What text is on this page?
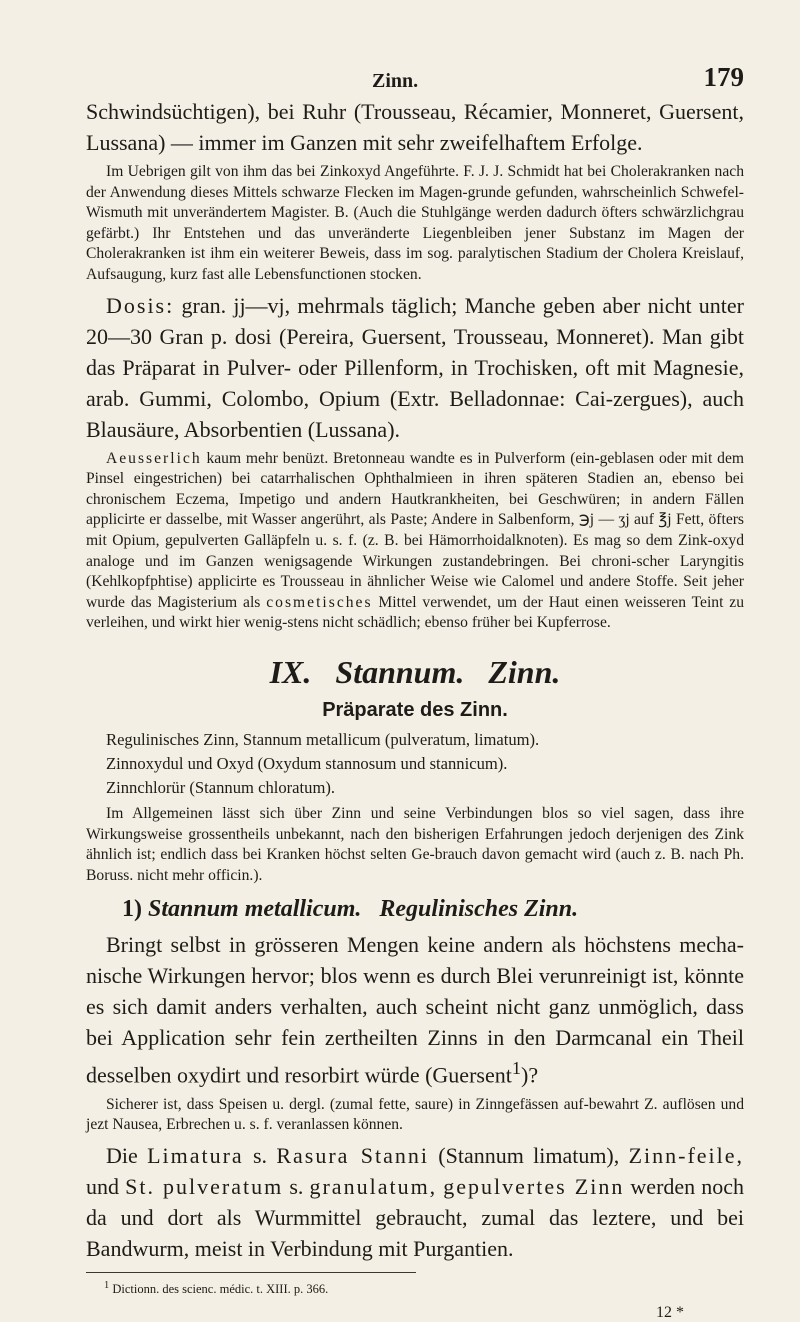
Zinn.	179

Schwindsüchtigen), bei Ruhr (Trousseau, Récamier, Monneret, Guersent, Lussana) — immer im Ganzen mit sehr zweifelhaftem Erfolge.

Im Uebrigen gilt von ihm das bei Zinkoxyd Angeführte. F. J. J. Schmidt hat bei Cholerakranken nach der Anwendung dieses Mittels schwarze Flecken im Magen-grunde gefunden, wahrscheinlich Schwefel-Wismuth mit unverändertem Magister. B. (Auch die Stuhlgänge werden dadurch öfters schwärzlichgrau gefärbt.) Ihr Entstehen und das unveränderte Liegenbleiben jener Substanz im Magen der Cholerakranken ist ihm ein weiterer Beweis, dass im sog. paralytischen Stadium der Cholera Kreislauf, Aufsaugung, kurz fast alle Lebensfunctionen stocken.

Dosis: gran. jj—vj, mehrmals täglich; Manche geben aber nicht unter 20—30 Gran p. dosi (Pereira, Guersent, Trousseau, Monneret). Man gibt das Präparat in Pulver- oder Pillenform, in Trochisken, oft mit Magnesie, arab. Gummi, Colombo, Opium (Extr. Belladonnae: Cai-zergues), auch Blausäure, Absorbentien (Lussana).

Aeusserlich kaum mehr benüzt. Bretonneau wandte es in Pulverform (ein-geblasen oder mit dem Pinsel eingestrichen) bei catarrhalischen Ophthalmieen in ihren späteren Stadien an, ebenso bei chronischem Eczema, Impetigo und andern Hautkrankheiten, bei Geschwüren; in andern Fällen applicirte er dasselbe, mit Wasser angerührt, als Paste; Andere in Salbenform, ℈j — ʒj auf ℥j Fett, öfters mit Opium, gepulverten Galläpfeln u. s. f. (z. B. bei Hämorrhoidalknoten). Es mag so dem Zink-oxyd analoge und im Ganzen wenigsagende Wirkungen zustandebringen. Bei chroni-scher Laryngitis (Kehlkopfphtise) applicirte es Trousseau in ähnlicher Weise wie Calomel und andere Stoffe. Seit jeher wurde das Magisterium als cosmetisches Mittel verwendet, um der Haut einen weisseren Teint zu verleihen, und wirkt hier wenig-stens nicht schädlich; ebenso früher bei Kupferrose.

IX. Stannum. Zinn.
Präparate des Zinn.

Regulinisches Zinn, Stannum metallicum (pulveratum, limatum).

Zinnoxydul und Oxyd (Oxydum stannosum und stannicum).

Zinnchlorür (Stannum chloratum).

Im Allgemeinen lässt sich über Zinn und seine Verbindungen blos so viel sagen, dass ihre Wirkungsweise grossentheils unbekannt, nach den bisherigen Erfahrungen jedoch derjenigen des Zink ähnlich ist; endlich dass bei Kranken höchst selten Ge-brauch davon gemacht wird (auch z. B. nach Ph. Boruss. nicht mehr officin.).

1) Stannum metallicum. Regulinisches Zinn.

Bringt selbst in grösseren Mengen keine andern als höchstens mecha-nische Wirkungen hervor; blos wenn es durch Blei verunreinigt ist, könnte es sich damit anders verhalten, auch scheint nicht ganz unmöglich, dass bei Application sehr fein zertheilten Zinns in den Darmcanal ein Theil desselben oxydirt und resorbirt würde (Guersent$^1$)?

Sicherer ist, dass Speisen u. dergl. (zumal fette, saure) in Zinngefässen auf-bewahrt Z. auflösen und jezt Nausea, Erbrechen u. s. f. veranlassen können.

Die Limatura s. Rasura Stanni (Stannum limatum), Zinn-feile, und St. pulveratum s. granulatum, gepulvertes Zinn werden noch da und dort als Wurmmittel gebraucht, zumal das leztere, und bei Bandwurm, meist in Verbindung mit Purgantien.

$^1$ Dictionn. des scienc. médic. t. XIII. p. 366.

12 *
